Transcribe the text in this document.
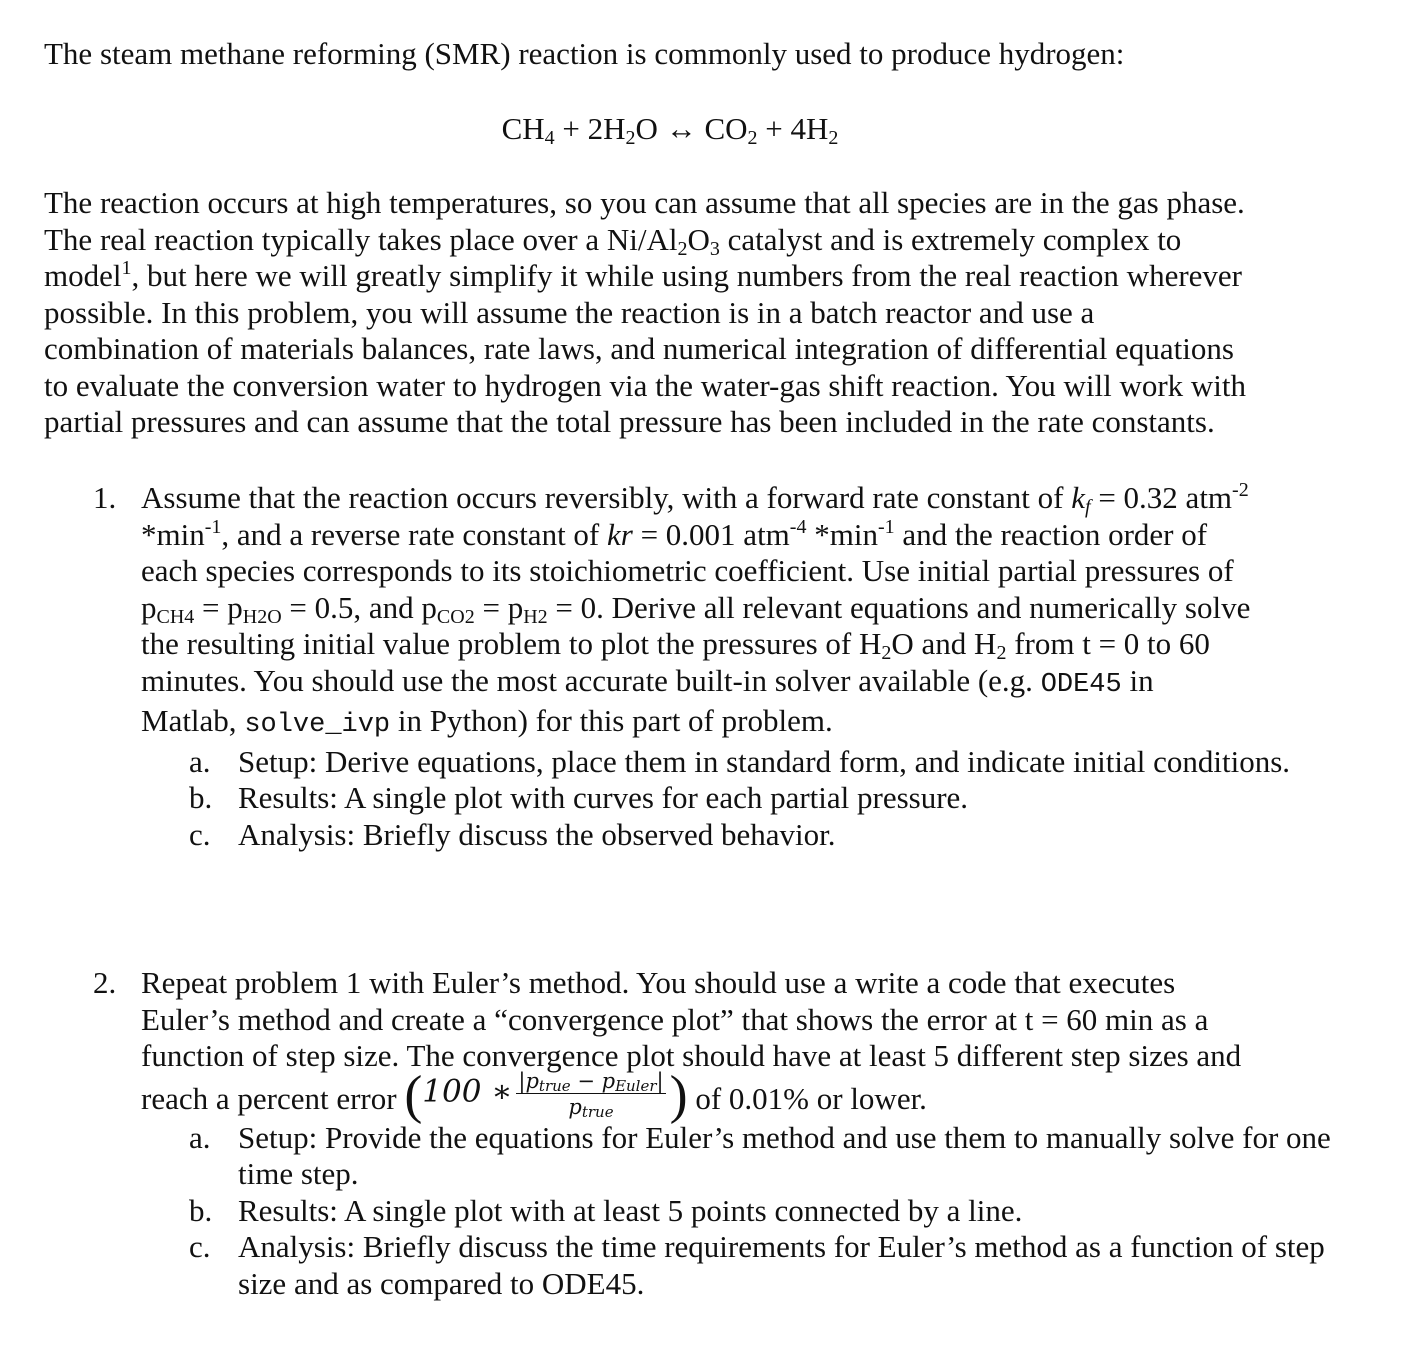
The steam methane reforming (SMR) reaction is commonly used to produce hydrogen:
$CH_4 + 2H_2O$ ↔ $CO_2 + 4H_2$
The reaction occurs at high temperatures, so you can assume that all species are in the gas phase.
The real reaction typically takes place over a $Ni/Al_2O_3$ catalyst and is extremely complex to
model$^1$, but here we will greatly simplify it while using numbers from the real reaction wherever
possible. In this problem, you will assume the reaction is in a batch reactor and use a
combination of materials balances, rate laws, and numerical integration of differential equations
to evaluate the conversion water to hydrogen via the water-gas shift reaction. You will work with
partial pressures and can assume that the total pressure has been included in the rate constants.
1. Assume that the reaction occurs reversibly, with a forward rate constant of $k_f = 0.32$ atm$^{-2}$
$*\min^{-1}$, and a reverse rate constant of kr = 0.001 atm$^{-4}$ $*\min^{-1}$ and the reaction order of
each species corresponds to its stoichiometric coefficient. Use initial partial pressures of
$p_{CH4} = p_{H2O} = 0.5$, and $p_{CO2} = p_{H2} = 0$. Derive all relevant equations and numerically solve
the resulting initial value problem to plot the pressures of $H_2O$ and $H_2$ from t = 0 to 60
minutes. You should use the most accurate built-in solver available (e.g. ODE45 in
Matlab, solve_ivp in Python) for this part of problem.
a. Setup: Derive equations, place them in standard form, and indicate initial conditions.
b. Results: A single plot with curves for each partial pressure.
c. Analysis: Briefly discuss the observed behavior.
2. Repeat problem 1 with Euler’s method. You should use a write a code that executes
Euler’s method and create a “convergence plot” that shows the error at t = 60 min as a
function of step size. The convergence plot should have at least 5 different step sizes and
reach a percent error (100 ∗ $\frac{|p_{true} - p_{Euler}|}{p_{true}}$ ) of 0.01% or lower.
a. Setup: Provide the equations for Euler’s method and use them to manually solve for one time step.
b. Results: A single plot with at least 5 points connected by a line.
c. Analysis: Briefly discuss the time requirements for Euler’s method as a function of step size and as compared to ODE45.
